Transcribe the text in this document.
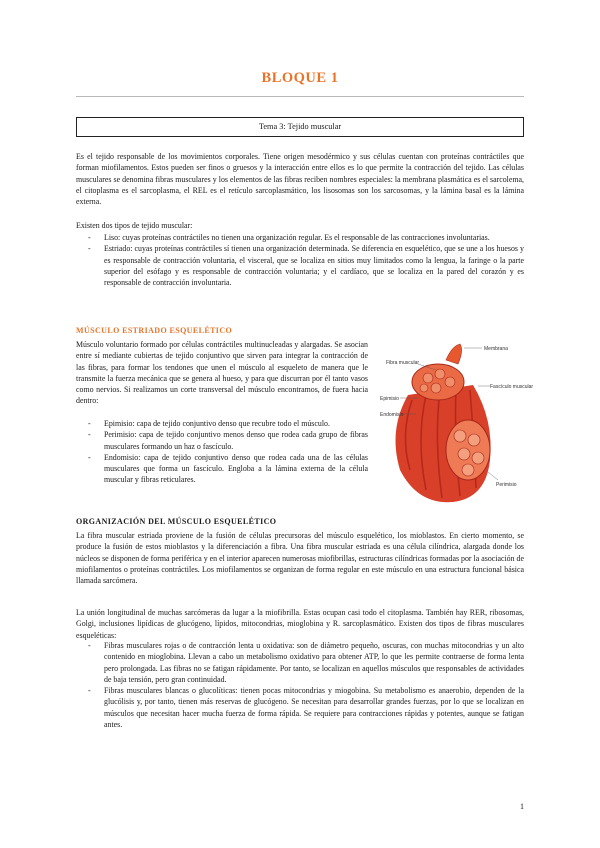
BLOQUE 1
Tema 3: Tejido muscular

Es el tejido responsable de los movimientos corporales. Tiene origen mesodérmico y sus células cuentan con proteínas contráctiles que forman miofilamentos. Estos pueden ser finos o gruesos y la interacción entre ellos es lo que permite la contracción del tejido. Las células musculares se denomina fibras musculares y los elementos de las fibras reciben nombres especiales: la membrana plasmática es el sarcolema, el citoplasma es el sarcoplasma, el REL es el retículo sarcoplasmático, los lisosomas son los sarcosomas, y la lámina basal es la lámina externa.

Existen dos tipos de tejido muscular:
- Liso: cuyas proteínas contráctiles no tienen una organización regular. Es el responsable de las contracciones involuntarias.
- Estriado: cuyas proteínas contráctiles sí tienen una organización determinada. Se diferencia en esquelético, que se une a los huesos y es responsable de contracción voluntaria, el visceral, que se localiza en sitios muy limitados como la lengua, la faringe o la parte superior del esófago y es responsable de contracción voluntaria; y el cardíaco, que se localiza en la pared del corazón y es responsable de contracción involuntaria.
MÚSCULO ESTRIADO ESQUELÉTICO

Músculo voluntario formado por células contráctiles multinucleadas y alargadas. Se asocian entre sí mediante cubiertas de tejido conjuntivo que sirven para integrar la contracción de las fibras, para formar los tendones que unen el músculo al esqueleto de manera que le transmite la fuerza mecánica que se genera al hueso, y para que discurran por él tanto vasos como nervios. Si realizamos un corte transversal del músculo encontramos, de fuera hacia dentro:

- Epimisio: capa de tejido conjuntivo denso que recubre todo el músculo.
- Perimisio: capa de tejido conjuntivo menos denso que rodea cada grupo de fibras musculares formando un haz o fascículo.
- Endomisio: capa de tejido conjuntivo denso que rodea cada una de las células musculares que forma un fascículo. Engloba a la lámina externa de la célula muscular y fibras reticulares.
Membrana
Fibra muscular
Epimisio
Endomisio
Fascículo muscular
Perimisio
ORGANIZACIÓN DEL MÚSCULO ESQUELÉTICO

La fibra muscular estriada proviene de la fusión de células precursoras del músculo esquelético, los mioblastos. En cierto momento, se produce la fusión de estos mioblastos y la diferenciación a fibra. Una fibra muscular estriada es una célula cilíndrica, alargada donde los núcleos se disponen de forma periférica y en el interior aparecen numerosas miofibrillas, estructuras cilíndricas formadas por la asociación de miofilamentos o proteínas contráctiles. Los miofilamentos se organizan de forma regular en este músculo en una estructura funcional básica llamada sarcómera.

La unión longitudinal de muchas sarcómeras da lugar a la miofibrilla. Estas ocupan casi todo el citoplasma. También hay RER, ribosomas, Golgi, inclusiones lipídicas de glucógeno, lípidos, mitocondrias, mioglobina y R. sarcoplasmático. Existen dos tipos de fibras musculares esqueléticas:

- Fibras musculares rojas o de contracción lenta u oxidativa: son de diámetro pequeño, oscuras, con muchas mitocondrias y un alto contenido en mioglobina. Llevan a cabo un metabolismo oxidativo para obtener ATP, lo que les permite contraerse de forma lenta pero prolongada. Las fibras no se fatigan rápidamente. Por tanto, se localizan en aquellos músculos que responsables de actividades de baja tensión, pero gran continuidad.
- Fibras musculares blancas o glucolíticas: tienen pocas mitocondrias y miogobina. Su metabolismo es anaerobio, dependen de la glucólisis y, por tanto, tienen más reservas de glucógeno. Se necesitan para desarrollar grandes fuerzas, por lo que se localizan en músculos que necesitan hacer mucha fuerza de forma rápida. Se requiere para contracciones rápidas y potentes, aunque se fatigan antes.
1
